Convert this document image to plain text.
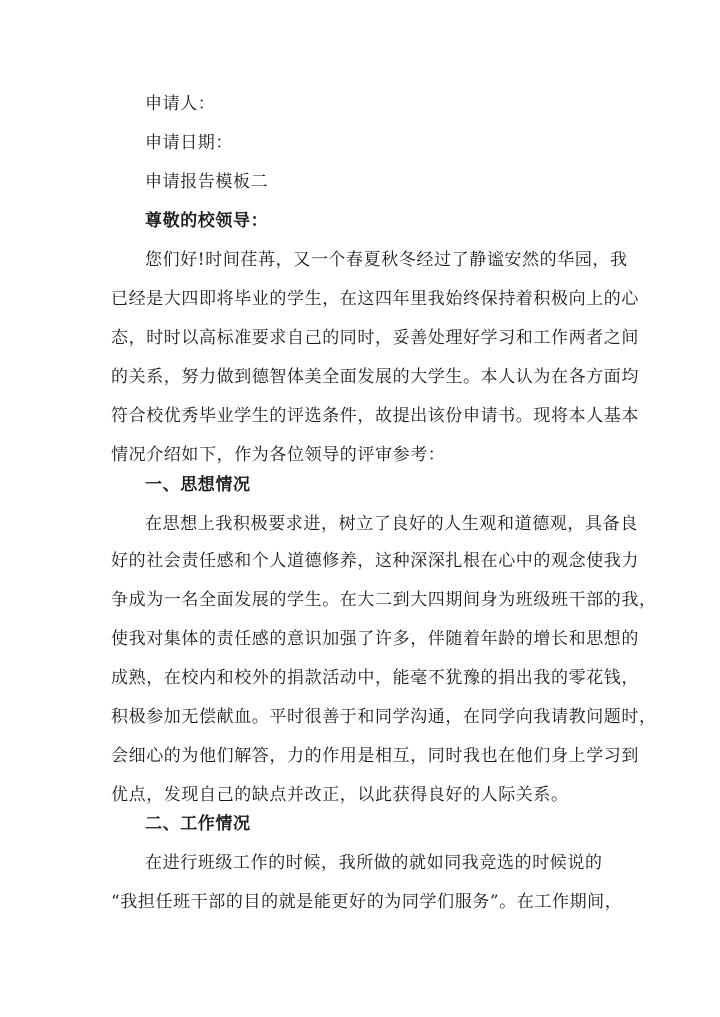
申请人：
申请日期：
申请报告模板二
尊敬的校领导：
您们好!时间荏苒，又一个春夏秋冬经过了静谧安然的华园，我
已经是大四即将毕业的学生，在这四年里我始终保持着积极向上的心
态，时时以高标准要求自己的同时，妥善处理好学习和工作两者之间
的关系，努力做到德智体美全面发展的大学生。本人认为在各方面均
符合校优秀毕业学生的评选条件，故提出该份申请书。现将本人基本
情况介绍如下，作为各位领导的评审参考：
一、思想情况
在思想上我积极要求进，树立了良好的人生观和道德观，具备良
好的社会责任感和个人道德修养，这种深深扎根在心中的观念使我力
争成为一名全面发展的学生。在大二到大四期间身为班级班干部的我，
使我对集体的责任感的意识加强了许多，伴随着年龄的增长和思想的
成熟，在校内和校外的捐款活动中，能毫不犹豫的捐出我的零花钱，
积极参加无偿献血。平时很善于和同学沟通，在同学向我请教问题时，
会细心的为他们解答，力的作用是相互，同时我也在他们身上学习到
优点，发现自己的缺点并改正，以此获得良好的人际关系。
二、工作情况
在进行班级工作的时候，我所做的就如同我竞选的时候说的
“我担任班干部的目的就是能更好的为同学们服务”。在工作期间，
